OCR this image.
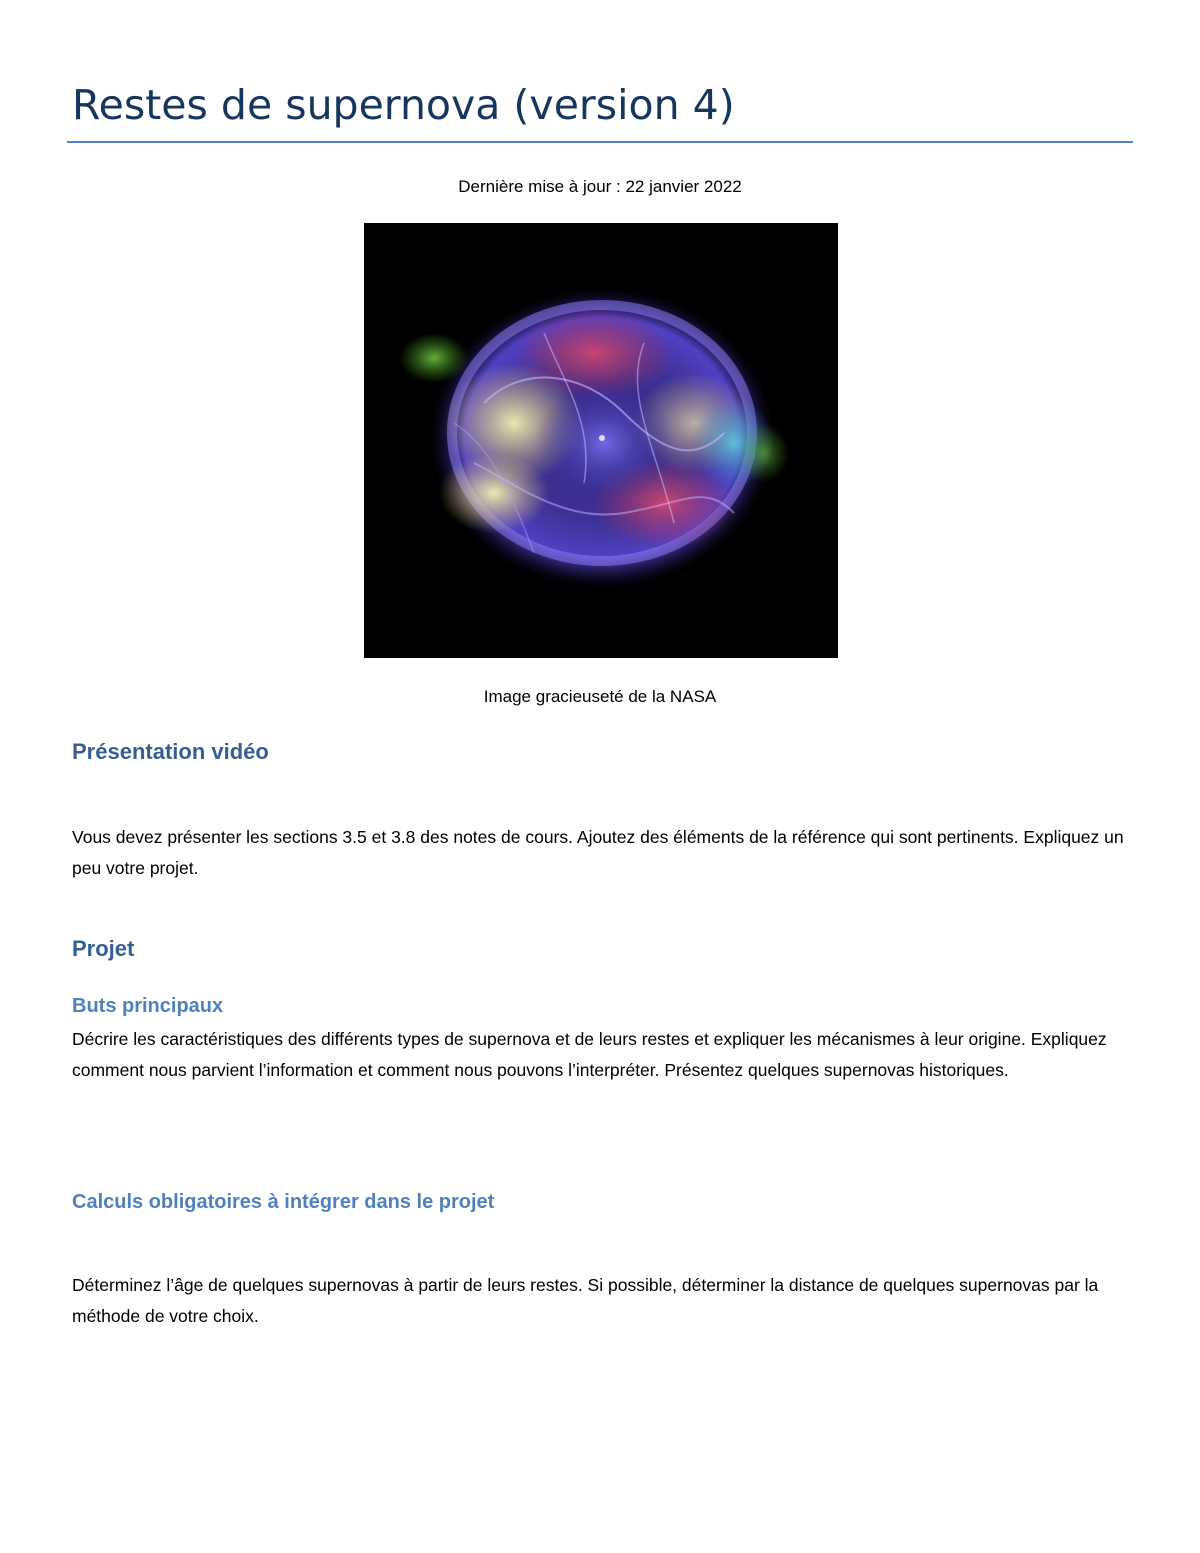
Restes de supernova (version 4)

Dernière mise à jour : 22 janvier 2022

Image gracieuseté de la NASA

Présentation vidéo

Vous devez présenter les sections 3.5 et 3.8 des notes de cours. Ajoutez des éléments de la référence qui sont pertinents. Expliquez un peu votre projet.

Projet
Buts principaux

Décrire les caractéristiques des différents types de supernova et de leurs restes et expliquer les mécanismes à leur origine. Expliquez comment nous parvient l’information et comment nous pouvons l’interpréter. Présentez quelques supernovas historiques.

Calculs obligatoires à intégrer dans le projet

Déterminez l’âge de quelques supernovas à partir de leurs restes. Si possible, déterminer la distance de quelques supernovas par la méthode de votre choix.
